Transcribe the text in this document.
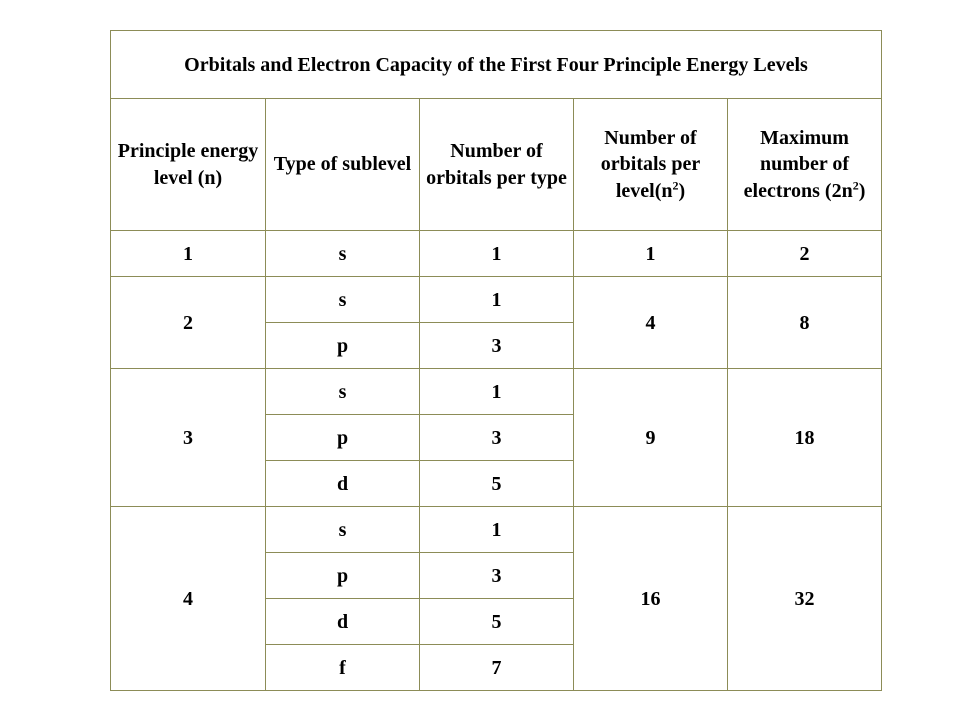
Orbitals and Electron Capacity of the First Four Principle Energy Levels				
Principle energy level (n)	Type of sublevel	Number of orbitals per type	Number of orbitals per $level(n^2)$	Maximum number of electrons $(2n^2)$
1	s	1	1	2
2	s	1	4	8
	p	3		
3	s	1	9	18
	p	3		
	d	5		
4	s	1	16	32
	p	3		
	d	5		
	f	7		
